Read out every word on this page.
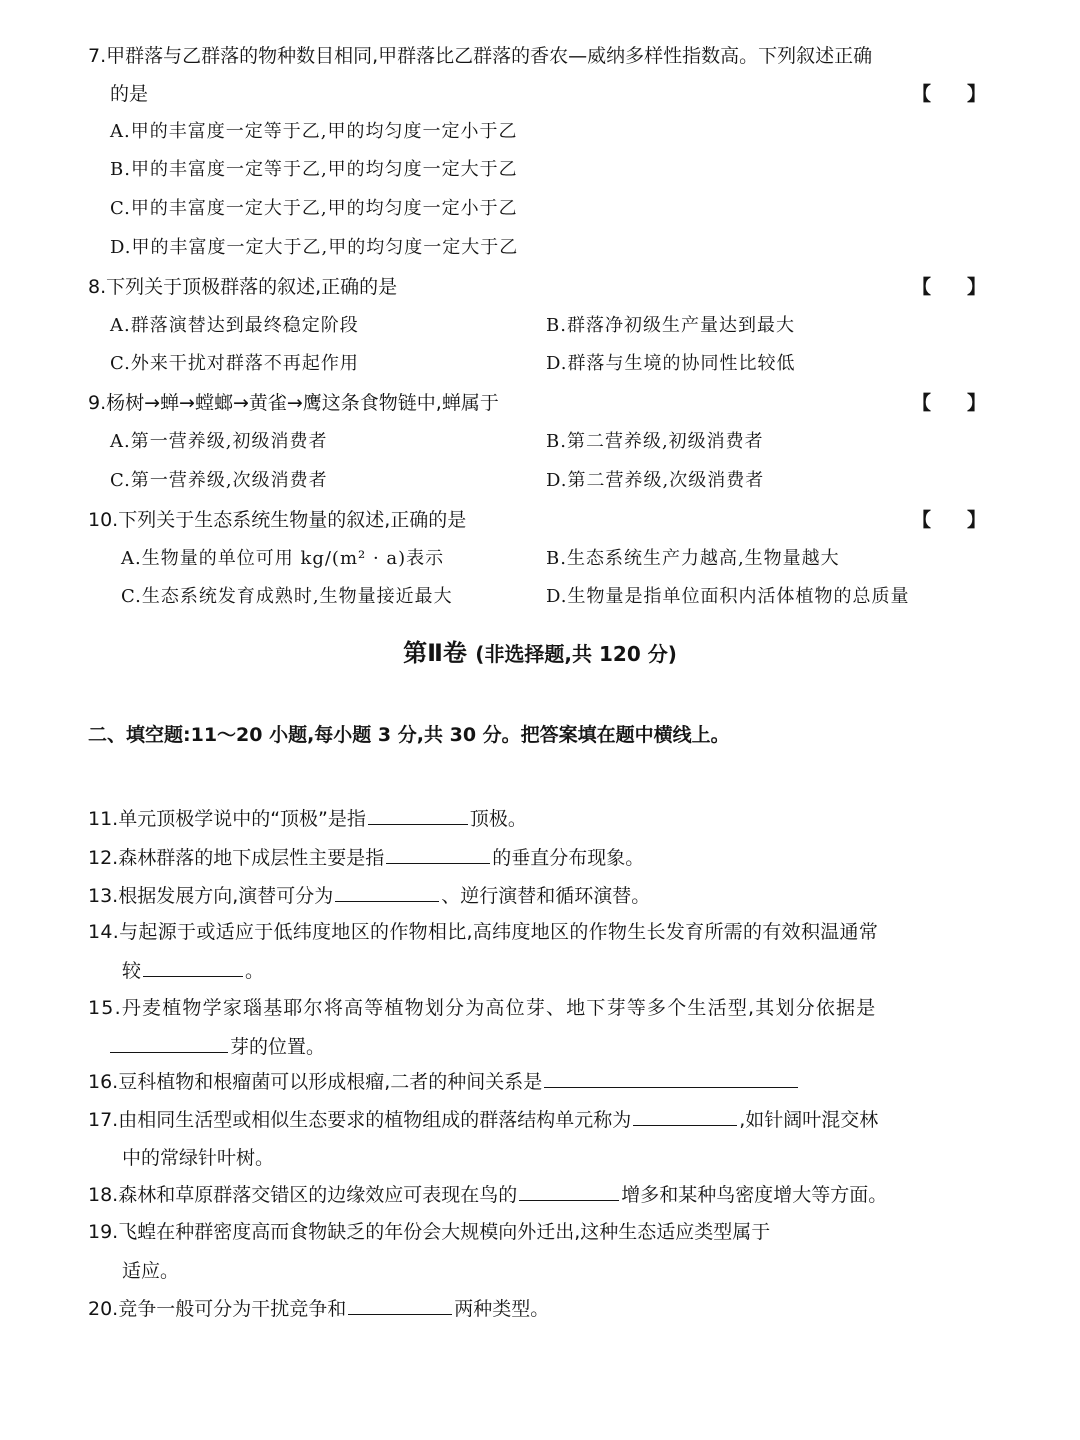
7.甲群落与乙群落的物种数目相同,甲群落比乙群落的香农—威纳多样性指数高。下列叙述正确
的是	【 】
A.甲的丰富度一定等于乙,甲的均匀度一定小于乙
B.甲的丰富度一定等于乙,甲的均匀度一定大于乙
C.甲的丰富度一定大于乙,甲的均匀度一定小于乙
D.甲的丰富度一定大于乙,甲的均匀度一定大于乙
8.下列关于顶极群落的叙述,正确的是	【 】
A.群落演替达到最终稳定阶段	B.群落净初级生产量达到最大
C.外来干扰对群落不再起作用	D.群落与生境的协同性比较低
9.杨树→蝉→螳螂→黄雀→鹰这条食物链中,蝉属于	【 】
A.第一营养级,初级消费者	B.第二营养级,初级消费者
C.第一营养级,次级消费者	D.第二营养级,次级消费者
10.下列关于生态系统生物量的叙述,正确的是	【 】
A.生物量的单位可用 kg/(m² · a)表示	B.生态系统生产力越高,生物量越大
C.生态系统发育成熟时,生物量接近最大	D.生物量是指单位面积内活体植物的总质量
第Ⅱ卷 (非选择题,共 120 分)
二、填空题:11～20 小题,每小题 3 分,共 30 分。把答案填在题中横线上。
11.单元顶极学说中的“顶极”是指	顶极。
12.森林群落的地下成层性主要是指	的垂直分布现象。
13.根据发展方向,演替可分为	、逆行演替和循环演替。
14.与起源于或适应于低纬度地区的作物相比,高纬度地区的作物生长发育所需的有效积温通常
较	。
15.丹麦植物学家瑙基耶尔将高等植物划分为高位芽、地下芽等多个生活型,其划分依据是
芽的位置。
16.豆科植物和根瘤菌可以形成根瘤,二者的种间关系是
17.由相同生活型或相似生态要求的植物组成的群落结构单元称为	,如针阔叶混交林
中的常绿针叶树。
18.森林和草原群落交错区的边缘效应可表现在鸟的	增多和某种鸟密度增大等方面。
19.飞蝗在种群密度高而食物缺乏的年份会大规模向外迁出,这种生态适应类型属于
适应。
20.竞争一般可分为干扰竞争和	两种类型。
